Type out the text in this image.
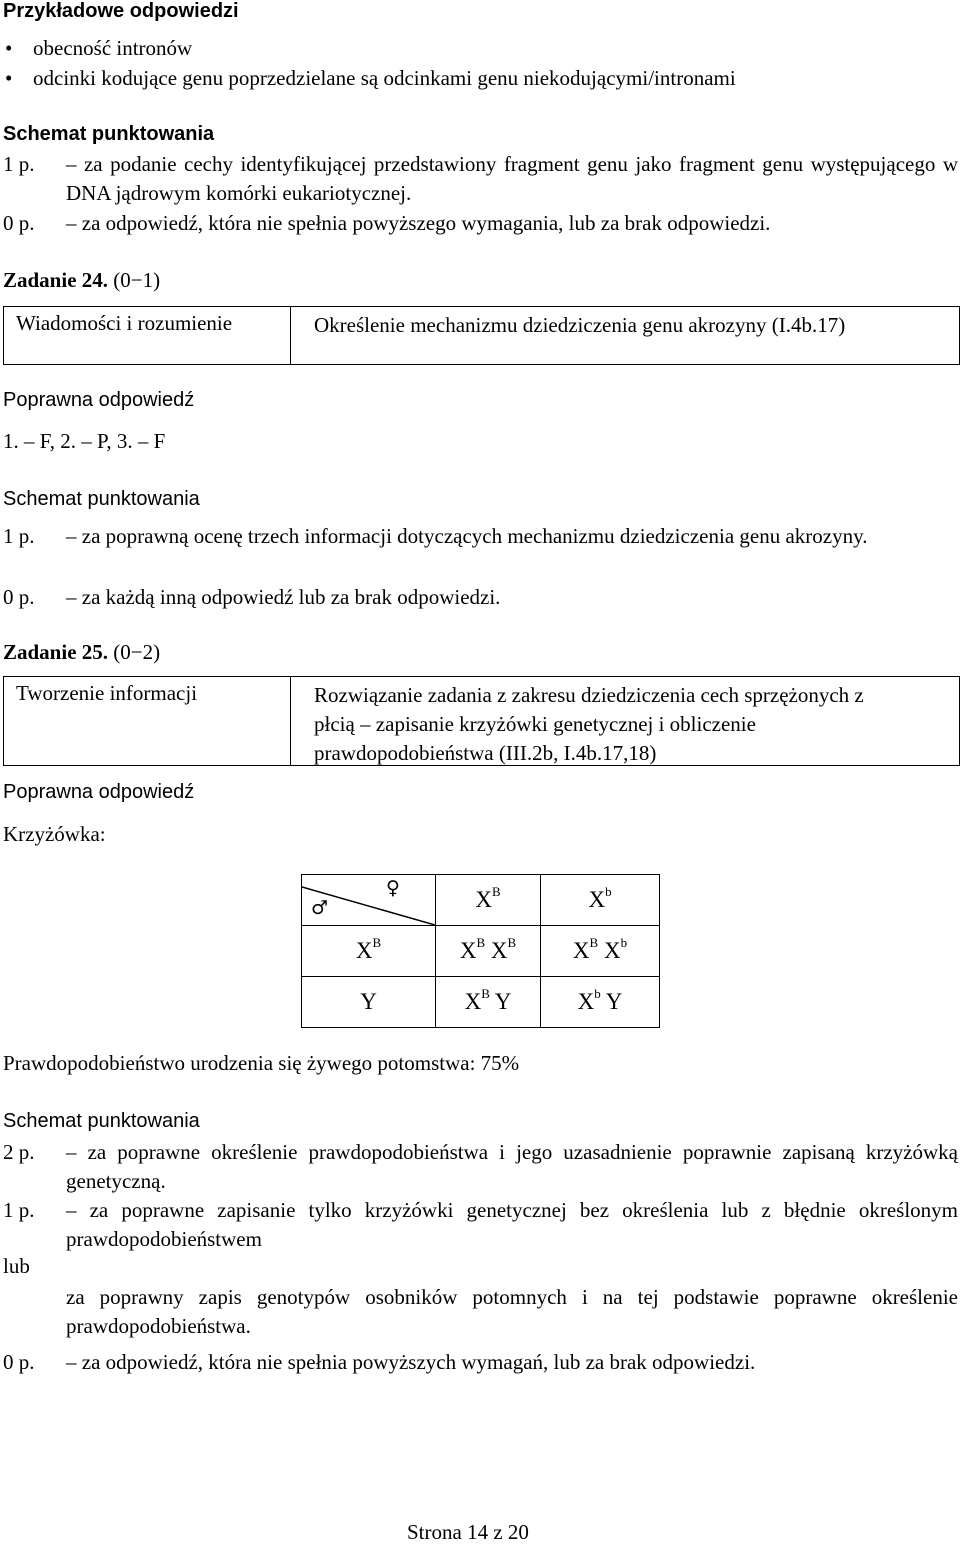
Przykładowe odpowiedzi
• obecność intronów
• odcinki kodujące genu poprzedzielane są odcinkami genu niekodującymi/intronami
Schemat punktowania
1 p. – za podanie cechy identyfikującej przedstawiony fragment genu jako fragment genu występującego w DNA jądrowym komórki eukariotycznej.
0 p. – za odpowiedź, która nie spełnia powyższego wymagania, lub za brak odpowiedzi.
Zadanie 24. (0−1)
Wiadomości i rozumienie	Określenie mechanizmu dziedziczenia genu akrozyny (I.4b.17)
Poprawna odpowiedź
1. – F, 2. – P, 3. – F
Schemat punktowania
1 p. – za poprawną ocenę trzech informacji dotyczących mechanizmu dziedziczenia genu akrozyny.
0 p. – za każdą inną odpowiedź lub za brak odpowiedzi.
Zadanie 25. (0−2)
Tworzenie informacji	Rozwiązanie zadania z zakresu dziedziczenia cech sprzężonych z płcią – zapisanie krzyżówki genetycznej i obliczenie prawdopodobieństwa (III.2b, I.4b.17,18)
Poprawna odpowiedź
Krzyżówka:
♀
♂	$X^B$	$X^b$
$X^B$	$X^B$ $X^B$	$X^B$ $X^b$
Y	$X^B$ Y	$X^b$ Y
Prawdopodobieństwo urodzenia się żywego potomstwa: 75%
Schemat punktowania
2 p. – za poprawne określenie prawdopodobieństwa i jego uzasadnienie poprawnie zapisaną krzyżówką genetyczną.
1 p. – za poprawne zapisanie tylko krzyżówki genetycznej bez określenia lub z błędnie określonym prawdopodobieństwem
lub
za poprawny zapis genotypów osobników potomnych i na tej podstawie poprawne określenie prawdopodobieństwa.
0 p. – za odpowiedź, która nie spełnia powyższych wymagań, lub za brak odpowiedzi.
Strona 14 z 20
